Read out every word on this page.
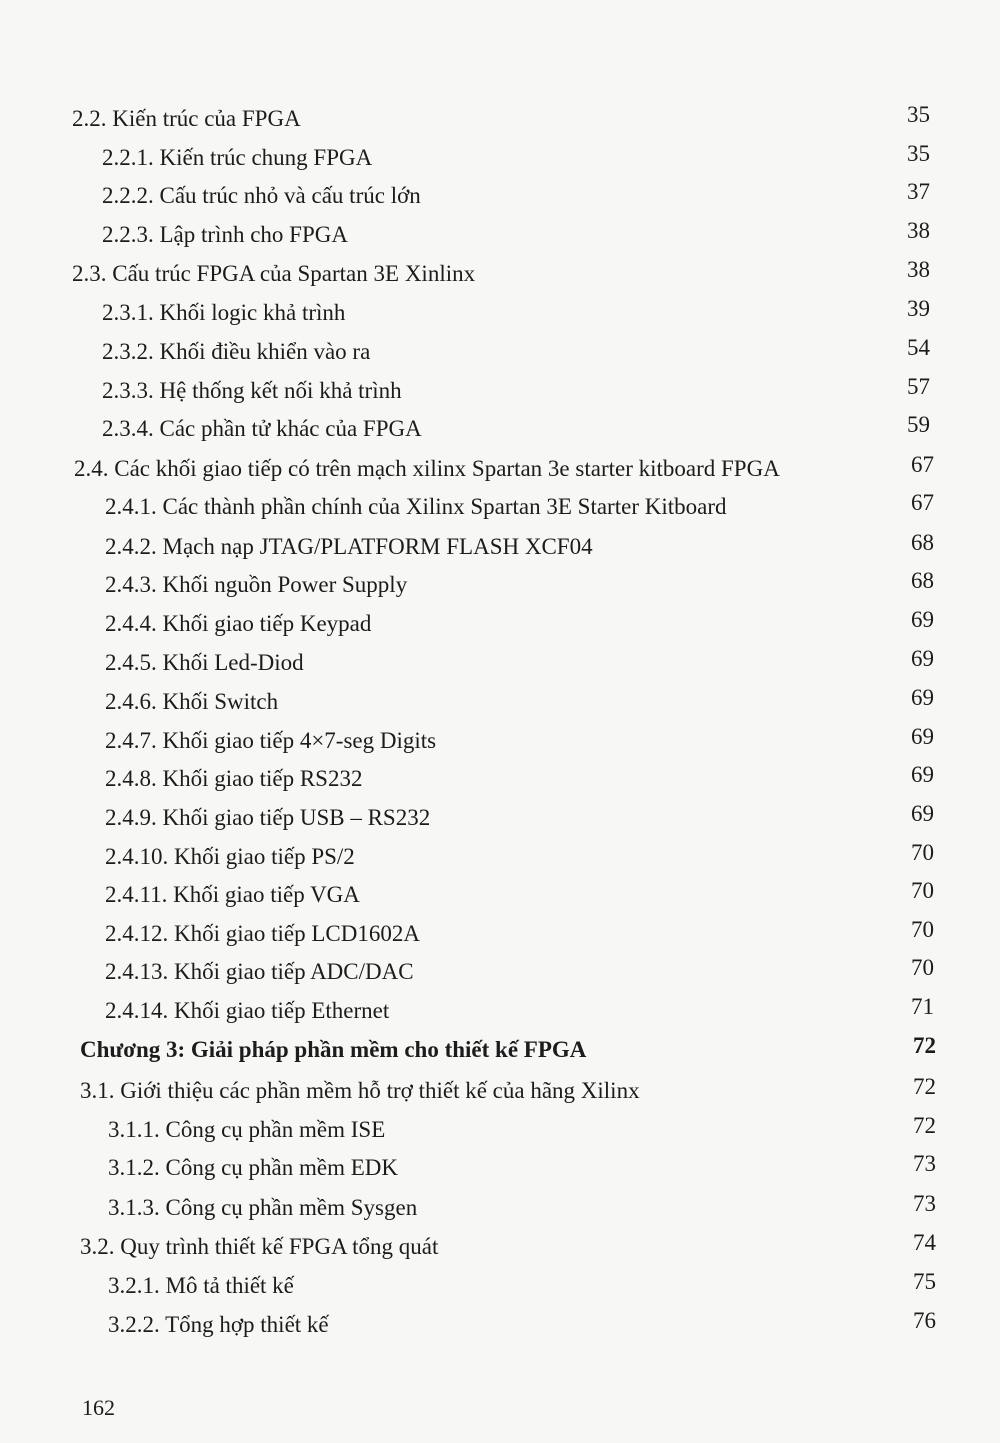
2.2. Kiến trúc của FPGA	35
2.2.1. Kiến trúc chung FPGA	35
2.2.2. Cấu trúc nhỏ và cấu trúc lớn	37
2.2.3. Lập trình cho FPGA	38
2.3. Cấu trúc FPGA của Spartan 3E Xinlinx	38
2.3.1. Khối logic khả trình	39
2.3.2. Khối điều khiển vào ra	54
2.3.3. Hệ thống kết nối khả trình	57
2.3.4. Các phần tử khác của FPGA	59
2.4. Các khối giao tiếp có trên mạch xilinx Spartan 3e starter kitboard FPGA	67
2.4.1. Các thành phần chính của Xilinx Spartan 3E Starter Kitboard	67
2.4.2. Mạch nạp JTAG/PLATFORM FLASH XCF04	68
2.4.3. Khối nguồn Power Supply	68
2.4.4. Khối giao tiếp Keypad	69
2.4.5. Khối Led-Diod	69
2.4.6. Khối Switch	69
2.4.7. Khối giao tiếp 4×7-seg Digits	69
2.4.8. Khối giao tiếp RS232	69
2.4.9. Khối giao tiếp USB – RS232	69
2.4.10. Khối giao tiếp PS/2	70
2.4.11. Khối giao tiếp VGA	70
2.4.12. Khối giao tiếp LCD1602A	70
2.4.13. Khối giao tiếp ADC/DAC	70
2.4.14. Khối giao tiếp Ethernet	71
Chương 3: Giải pháp phần mềm cho thiết kế FPGA	72
3.1. Giới thiệu các phần mềm hỗ trợ thiết kế của hãng Xilinx	72
3.1.1. Công cụ phần mềm ISE	72
3.1.2. Công cụ phần mềm EDK	73
3.1.3. Công cụ phần mềm Sysgen	73
3.2. Quy trình thiết kế FPGA tổng quát	74
3.2.1. Mô tả thiết kế	75
3.2.2. Tổng hợp thiết kế	76
162
